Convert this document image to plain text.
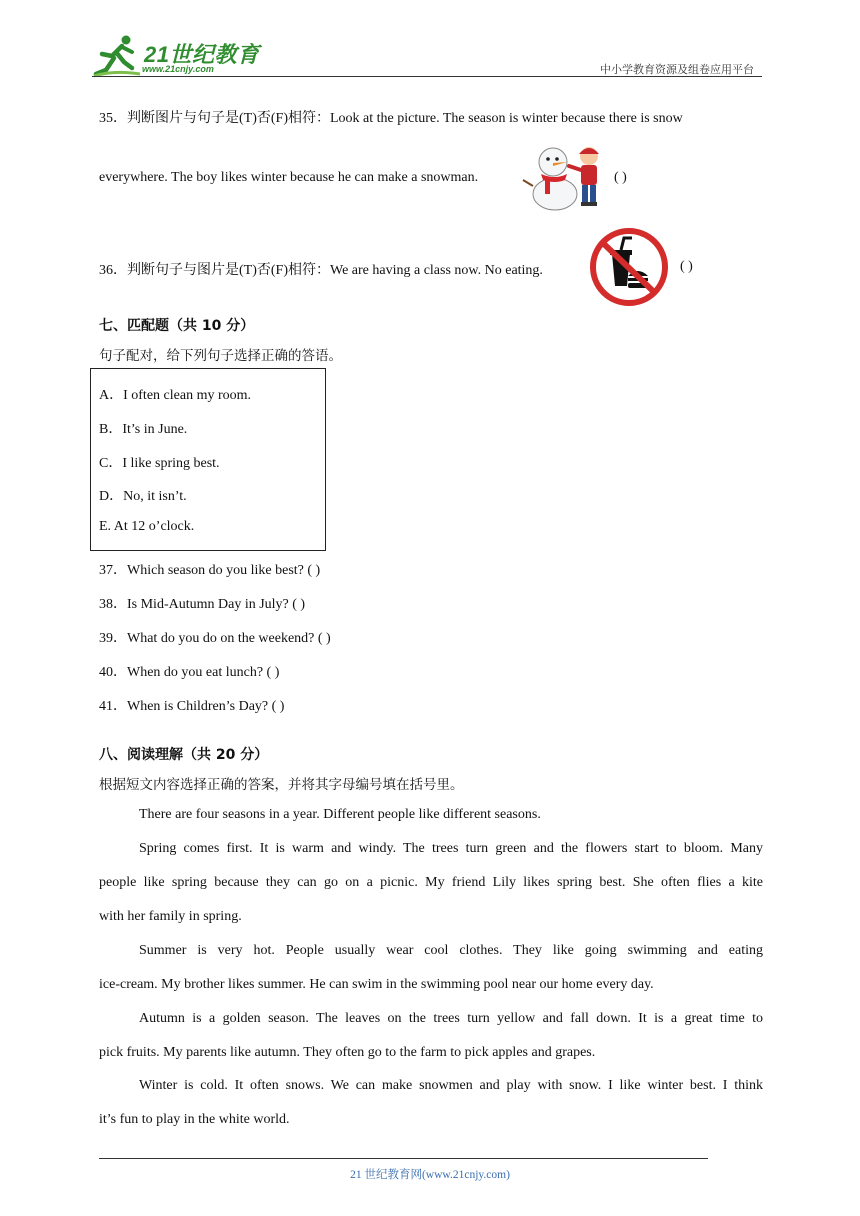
21世纪教育
www.21cnjy.com	中小学教育资源及组卷应用平台
35．判断图片与句子是(T)否(F)相符：Look at the picture. The season is winter because there is snow
everywhere. The boy likes winter because he can make a snowman.	( )
36．判断句子与图片是(T)否(F)相符：We are having a class now. No eating.	( )
七、匹配题（共 10 分）
句子配对，给下列句子选择正确的答语。
A．I often clean my room.
B．It’s in June.
C．I like spring best.
D．No, it isn’t.
E. At 12 o’clock.
37．Which season do you like best? ( )
38．Is Mid-Autumn Day in July? ( )
39．What do you do on the weekend? ( )
40．When do you eat lunch? ( )
41．When is Children’s Day? ( )
八、阅读理解（共 20 分）
根据短文内容选择正确的答案，并将其字母编号填在括号里。
There are four seasons in a year. Different people like different seasons.
Spring comes first. It is warm and windy. The trees turn green and the flowers start to bloom. Many
people like spring because they can go on a picnic. My friend Lily likes spring best. She often flies a kite
with her family in spring.
Summer is very hot. People usually wear cool clothes. They like going swimming and eating
ice-cream. My brother likes summer. He can swim in the swimming pool near our home every day.
Autumn is a golden season. The leaves on the trees turn yellow and fall down. It is a great time to
pick fruits. My parents like autumn. They often go to the farm to pick apples and grapes.
Winter is cold. It often snows. We can make snowmen and play with snow. I like winter best. I think
it’s fun to play in the white world.
21 世纪教育网(www.21cnjy.com)
